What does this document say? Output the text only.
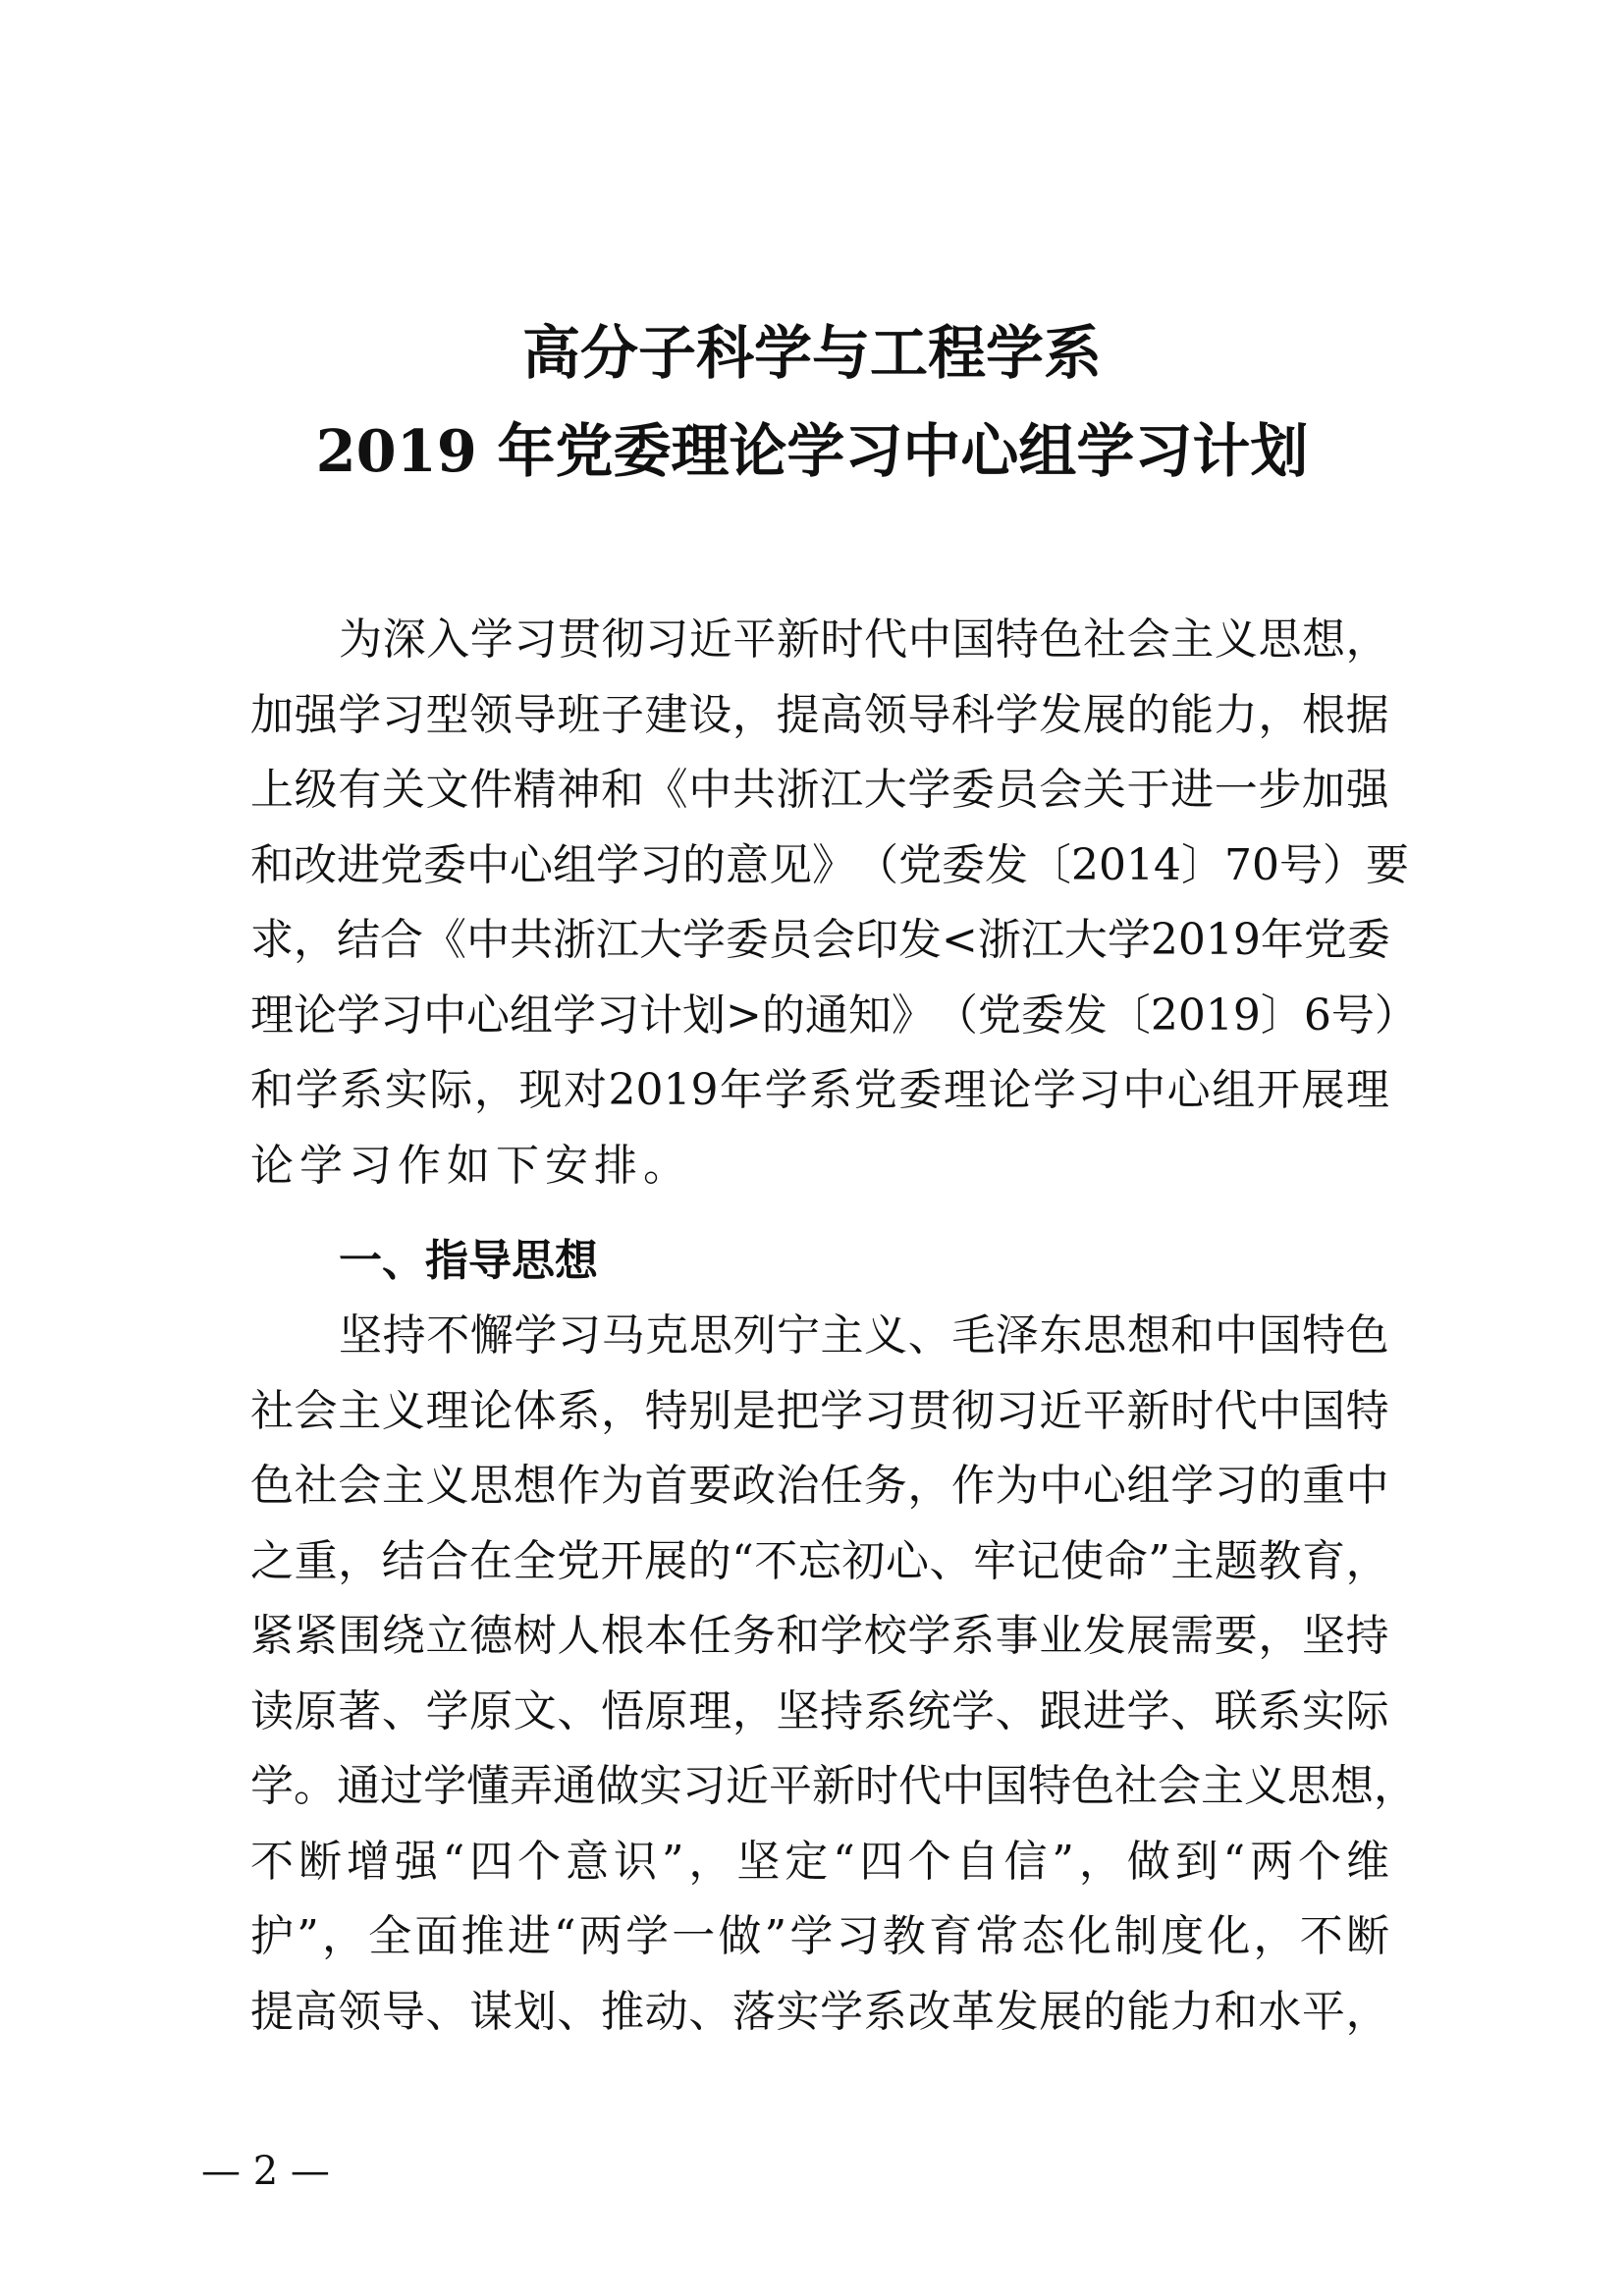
高分子科学与工程学系
2019 年党委理论学习中心组学习计划
为 深 入 学 习 贯 彻 习 近 平 新 时 代 中 国 特 色 社 会 主 义 思 想 ，
加 强 学 习 型 领 导 班 子 建 设 ， 提 高 领 导 科 学 发 展 的 能 力 ， 根 据
上 级 有 关 文 件 精 神 和 《 中 共 浙 江 大 学 委 员 会 关 于 进 一 步 加 强
和 改 进 党 委 中 心 组 学 习 的 意 见 》 （ 党 委 发 〔 2014 〕 70 号 ） 要
求 ， 结 合 《 中 共 浙 江 大 学 委 员 会 印 发 < 浙 江 大 学 2019 年 党 委
理 论 学 习 中 心 组 学 习 计 划 > 的 通 知 》 （ 党 委 发 〔 2019 〕 6 号 ）
和 学 系 实 际 ， 现 对 2019 年 学 系 党 委 理 论 学 习 中 心 组 开 展 理
论 学 习 作 如 下 安 排 。
一、指导思想
坚 持 不 懈 学 习 马 克 思 列 宁 主 义 、 毛 泽 东 思 想 和 中 国 特 色
社 会 主 义 理 论 体 系 ， 特 别 是 把 学 习 贯 彻 习 近 平 新 时 代 中 国 特
色 社 会 主 义 思 想 作 为 首 要 政 治 任 务 ， 作 为 中 心 组 学 习 的 重 中
之 重 ， 结 合 在 全 党 开 展 的 “ 不 忘 初 心 、 牢 记 使 命 ” 主 题 教 育 ，
紧 紧 围 绕 立 德 树 人 根 本 任 务 和 学 校 学 系 事 业 发 展 需 要 ， 坚 持
读 原 著 、 学 原 文 、 悟 原 理 ， 坚 持 系 统 学 、 跟 进 学 、 联 系 实 际
学 。 通 过 学 懂 弄 通 做 实 习 近 平 新 时 代 中 国 特 色 社 会 主 义 思 想 ，
不 断 增 强 “ 四 个 意 识 ” ， 坚 定 “ 四 个 自 信 ” ， 做 到 “ 两 个 维
护 ” ， 全 面 推 进 “ 两 学 一 做 ” 学 习 教 育 常 态 化 制 度 化 ， 不 断
提 高 领 导 、 谋 划 、 推 动 、 落 实 学 系 改 革 发 展 的 能 力 和 水 平 ，
— 2 —
